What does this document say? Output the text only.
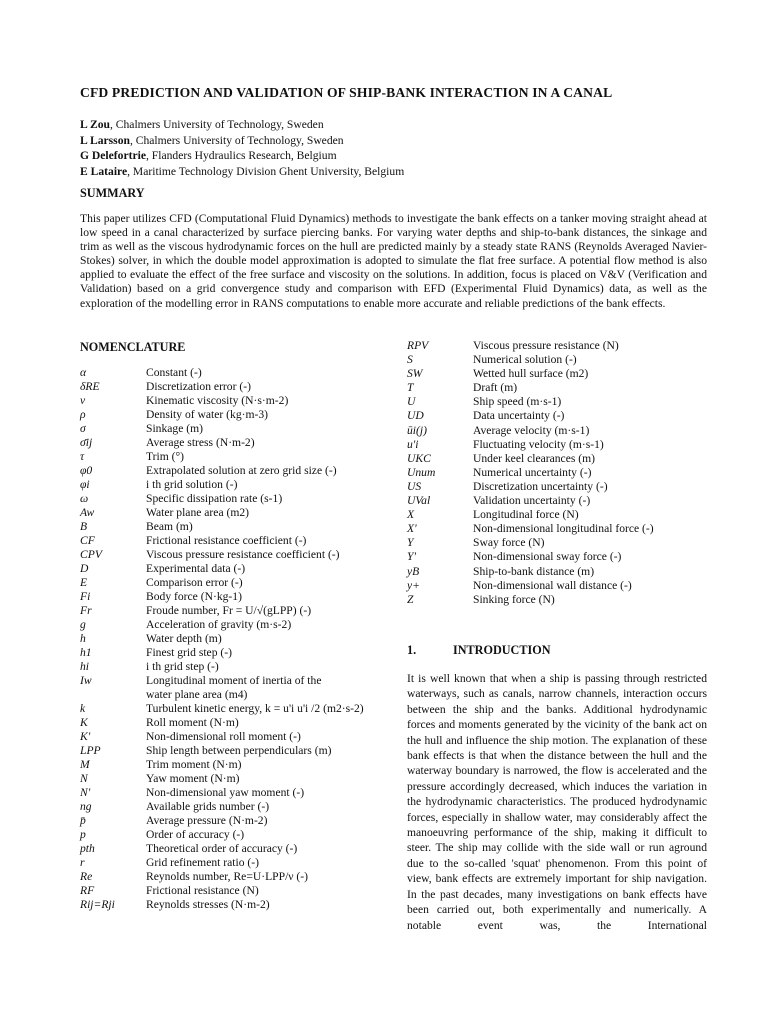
CFD PREDICTION AND VALIDATION OF SHIP-BANK INTERACTION IN A CANAL
L Zou, Chalmers University of Technology, Sweden
L Larsson, Chalmers University of Technology, Sweden
G Delefortrie, Flanders Hydraulics Research, Belgium
E Lataire, Maritime Technology Division Ghent University, Belgium
SUMMARY
This paper utilizes CFD (Computational Fluid Dynamics) methods to investigate the bank effects on a tanker moving straight ahead at low speed in a canal characterized by surface piercing banks. For varying water depths and ship-to-bank distances, the sinkage and trim as well as the viscous hydrodynamic forces on the hull are predicted mainly by a steady state RANS (Reynolds Averaged Navier-Stokes) solver, in which the double model approximation is adopted to simulate the flat free surface. A potential flow method is also applied to evaluate the effect of the free surface and viscosity on the solutions. In addition, focus is placed on V&V (Verification and Validation) based on a grid convergence study and comparison with EFD (Experimental Fluid Dynamics) data, as well as the exploration of the modelling error in RANS computations to enable more accurate and reliable predictions of the bank effects.
NOMENCLATURE
α	Constant (-)
δRE	Discretization error (-)
ν	Kinematic viscosity (N·s·m-2)
ρ	Density of water (kg·m-3)
σ	Sinkage (m)
σ̄ij	Average stress (N·m-2)
τ	Trim (°)
φ0	Extrapolated solution at zero grid size (-)
φi	i th grid solution (-)
ω	Specific dissipation rate (s-1)
Aw	Water plane area (m2)
B	Beam (m)
CF	Frictional resistance coefficient (-)
CPV	Viscous pressure resistance coefficient (-)
D	Experimental data (-)
E	Comparison error (-)
Fi	Body force (N·kg-1)
Fr	Froude number, Fr = U/√(gLPP) (-)
g	Acceleration of gravity (m·s-2)
h	Water depth (m)
h1	Finest grid step (-)
hi	i th grid step (-)
Iw	Longitudinal moment of inertia of the
water plane area (m4)
k	Turbulent kinetic energy, k = u'i u'i /2 (m2·s-2)
K	Roll moment (N·m)
K'	Non-dimensional roll moment (-)
LPP	Ship length between perpendiculars (m)
M	Trim moment (N·m)
N	Yaw moment (N·m)
N'	Non-dimensional yaw moment (-)
ng	Available grids number (-)
p̄	Average pressure (N·m-2)
p	Order of accuracy (-)
pth	Theoretical order of accuracy (-)
r	Grid refinement ratio (-)
Re	Reynolds number, Re=U·LPP/ν (-)
RF	Frictional resistance (N)
Rij=Rji	Reynolds stresses (N·m-2)
RPV	Viscous pressure resistance (N)
S	Numerical solution (-)
SW	Wetted hull surface (m2)
T	Draft (m)
U	Ship speed (m·s-1)
UD	Data uncertainty (-)
ūi(j)	Average velocity (m·s-1)
u'i	Fluctuating velocity (m·s-1)
UKC	Under keel clearances (m)
Unum	Numerical uncertainty (-)
US	Discretization uncertainty (-)
UVal	Validation uncertainty (-)
X	Longitudinal force (N)
X'	Non-dimensional longitudinal force (-)
Y	Sway force (N)
Y'	Non-dimensional sway force (-)
yB	Ship-to-bank distance (m)
y+	Non-dimensional wall distance (-)
Z	Sinking force (N)
1.	INTRODUCTION
It is well known that when a ship is passing through restricted waterways, such as canals, narrow channels, interaction occurs between the ship and the banks. Additional hydrodynamic forces and moments generated by the vicinity of the bank act on the hull and influence the ship motion. The explanation of these bank effects is that when the distance between the hull and the waterway boundary is narrowed, the flow is accelerated and the pressure accordingly decreased, which induces the variation in the hydrodynamic characteristics. The produced hydrodynamic forces, especially in shallow water, may considerably affect the manoeuvring performance of the ship, making it difficult to steer. The ship may collide with the side wall or run aground due to the so-called 'squat' phenomenon. From this point of view, bank effects are extremely important for ship navigation. In the past decades, many investigations on bank effects have been carried out, both experimentally and numerically. A notable event was, the International
